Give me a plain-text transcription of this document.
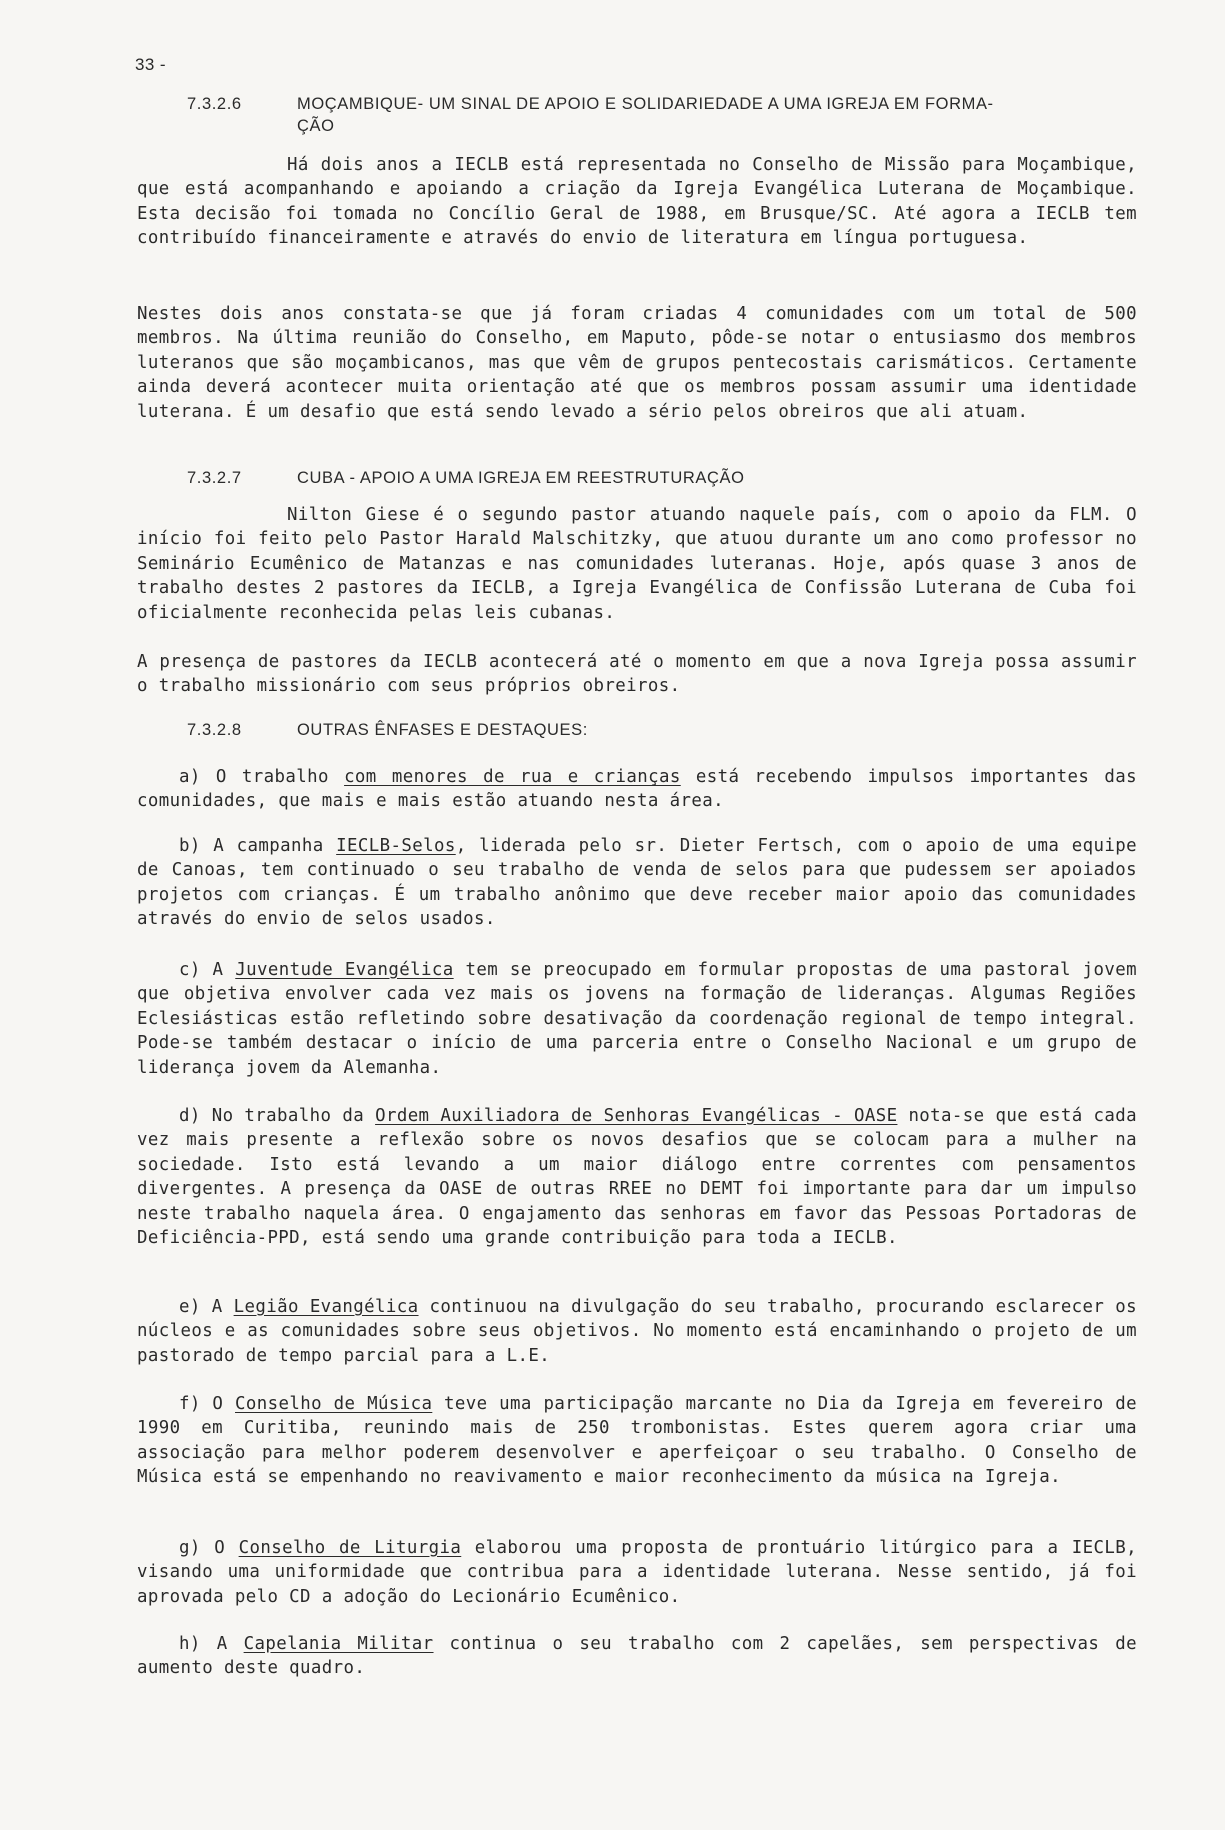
33 -
7.3.2.6	MOÇAMBIQUE- UM SINAL DE APOIO E SOLIDARIEDADE A UMA IGREJA EM FORMA-
ÇÃO

Há dois anos a IECLB está representada no Conselho de Missão para Moçambique, que está acompanhando e apoiando a criação da Igreja Evangélica Luterana de Moçambique. Esta decisão foi tomada no Concílio Geral de 1988, em Brusque/SC. Até agora a IECLB tem contribuído financeiramente e através do envio de literatura em língua portuguesa.

Nestes dois anos constata-se que já foram criadas 4 comunidades com um total de 500 membros. Na última reunião do Conselho, em Maputo, pôde-se notar o entusiasmo dos membros luteranos que são moçambicanos, mas que vêm de grupos pentecostais carismáticos. Certamente ainda deverá acontecer muita orientação até que os membros possam assumir uma identidade luterana. É um desafio que está sendo levado a sério pelos obreiros que ali atuam.

7.3.2.7	CUBA - APOIO A UMA IGREJA EM REESTRUTURAÇÃO

Nilton Giese é o segundo pastor atuando naquele país, com o apoio da FLM. O início foi feito pelo Pastor Harald Malschitzky, que atuou durante um ano como professor no Seminário Ecumênico de Matanzas e nas comunidades luteranas. Hoje, após quase 3 anos de trabalho destes 2 pastores da IECLB, a Igreja Evangélica de Confissão Luterana de Cuba foi oficialmente reconhecida pelas leis cubanas.

A presença de pastores da IECLB acontecerá até o momento em que a nova Igreja possa assumir o trabalho missionário com seus próprios obreiros.

7.3.2.8	OUTRAS ÊNFASES E DESTAQUES:

a) O trabalho com menores de rua e crianças está recebendo impulsos importantes das comunidades, que mais e mais estão atuando nesta área.

b) A campanha IECLB-Selos, liderada pelo sr. Dieter Fertsch, com o apoio de uma equipe de Canoas, tem continuado o seu trabalho de venda de selos para que pudessem ser apoiados projetos com crianças. É um trabalho anônimo que deve receber maior apoio das comunidades através do envio de selos usados.

c) A Juventude Evangélica tem se preocupado em formular propostas de uma pastoral jovem que objetiva envolver cada vez mais os jovens na formação de lideranças. Algumas Regiões Eclesiásticas estão refletindo sobre desativação da coordenação regional de tempo integral. Pode-se também destacar o início de uma parceria entre o Conselho Nacional e um grupo de liderança jovem da Alemanha.

d) No trabalho da Ordem Auxiliadora de Senhoras Evangélicas - OASE nota-se que está cada vez mais presente a reflexão sobre os novos desafios que se colocam para a mulher na sociedade. Isto está levando a um maior diálogo entre correntes com pensamentos divergentes. A presença da OASE de outras RREE no DEMT foi importante para dar um impulso neste trabalho naquela área. O engajamento das senhoras em favor das Pessoas Portadoras de Deficiência-PPD, está sendo uma grande contribuição para toda a IECLB.

e) A Legião Evangélica continuou na divulgação do seu trabalho, procurando esclarecer os núcleos e as comunidades sobre seus objetivos. No momento está encaminhando o projeto de um pastorado de tempo parcial para a L.E.

f) O Conselho de Música teve uma participação marcante no Dia da Igreja em fevereiro de 1990 em Curitiba, reunindo mais de 250 trombonistas. Estes querem agora criar uma associação para melhor poderem desenvolver e aperfeiçoar o seu trabalho. O Conselho de Música está se empenhando no reavivamento e maior reconhecimento da música na Igreja.

g) O Conselho de Liturgia elaborou uma proposta de prontuário litúrgico para a IECLB, visando uma uniformidade que contribua para a identidade luterana. Nesse sentido, já foi aprovada pelo CD a adoção do Lecionário Ecumênico.

h) A Capelania Militar continua o seu trabalho com 2 capelães, sem perspectivas de aumento deste quadro.
